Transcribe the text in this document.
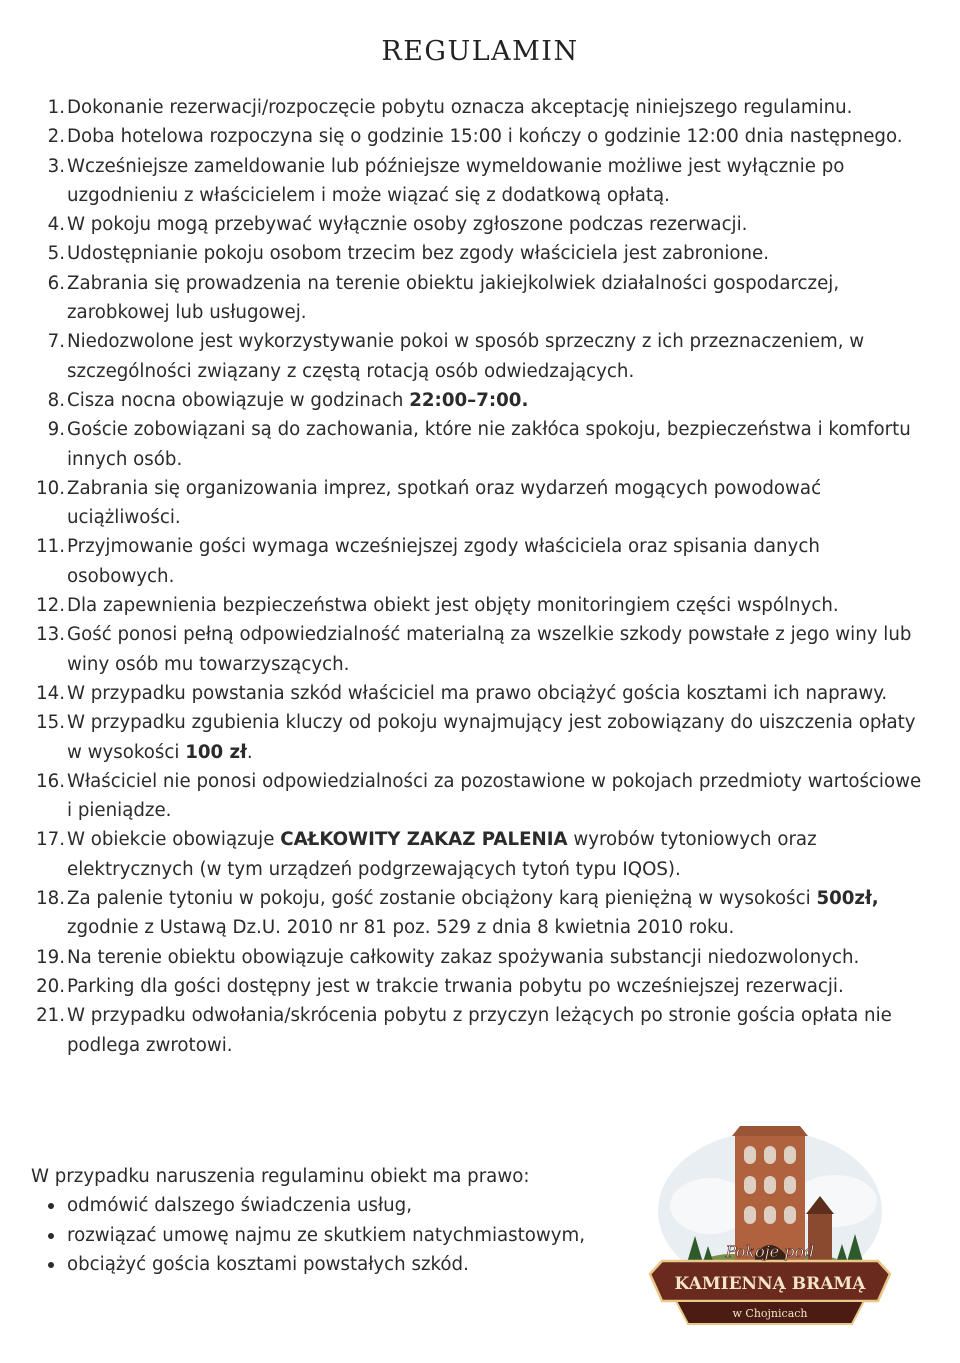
REGULAMIN
1. Dokonanie rezerwacji/rozpoczęcie pobytu oznacza akceptację niniejszego regulaminu.
2. Doba hotelowa rozpoczyna się o godzinie 15:00 i kończy o godzinie 12:00 dnia następnego.
3. Wcześniejsze zameldowanie lub późniejsze wymeldowanie możliwe jest wyłącznie po uzgodnieniu z właścicielem i może wiązać się z dodatkową opłatą.
4. W pokoju mogą przebywać wyłącznie osoby zgłoszone podczas rezerwacji.
5. Udostępnianie pokoju osobom trzecim bez zgody właściciela jest zabronione.
6. Zabrania się prowadzenia na terenie obiektu jakiejkolwiek działalności gospodarczej, zarobkowej lub usługowej.
7. Niedozwolone jest wykorzystywanie pokoi w sposób sprzeczny z ich przeznaczeniem, w szczególności związany z częstą rotacją osób odwiedzających.
8. Cisza nocna obowiązuje w godzinach 22:00–7:00.
9. Goście zobowiązani są do zachowania, które nie zakłóca spokoju, bezpieczeństwa i komfortu innych osób.
10. Zabrania się organizowania imprez, spotkań oraz wydarzeń mogących powodować uciążliwości.
11. Przyjmowanie gości wymaga wcześniejszej zgody właściciela oraz spisania danych osobowych.
12. Dla zapewnienia bezpieczeństwa obiekt jest objęty monitoringiem części wspólnych.
13. Gość ponosi pełną odpowiedzialność materialną za wszelkie szkody powstałe z jego winy lub winy osób mu towarzyszących.
14. W przypadku powstania szkód właściciel ma prawo obciążyć gościa kosztami ich naprawy.
15. W przypadku zgubienia kluczy od pokoju wynajmujący jest zobowiązany do uiszczenia opłaty w wysokości 100 zł.
16. Właściciel nie ponosi odpowiedzialności za pozostawione w pokojach przedmioty wartościowe i pieniądze.
17. W obiekcie obowiązuje CAŁKOWITY ZAKAZ PALENIA wyrobów tytoniowych oraz elektrycznych (w tym urządzeń podgrzewających tytoń typu IQOS).
18. Za palenie tytoniu w pokoju, gość zostanie obciążony karą pieniężną w wysokości 500zł, zgodnie z Ustawą Dz.U. 2010 nr 81 poz. 529 z dnia 8 kwietnia 2010 roku.
19. Na terenie obiektu obowiązuje całkowity zakaz spożywania substancji niedozwolonych.
20. Parking dla gości dostępny jest w trakcie trwania pobytu po wcześniejszej rezerwacji.
21. W przypadku odwołania/skrócenia pobytu z przyczyn leżących po stronie gościa opłata nie podlega zwrotowi.
W przypadku naruszenia regulaminu obiekt ma prawo:
odmówić dalszego świadczenia usług,
rozwiązać umowę najmu ze skutkiem natychmiastowym,
obciążyć gościa kosztami powstałych szkód.
Pokoje pod
KAMIENNĄ BRAMĄ
w Chojnicach
